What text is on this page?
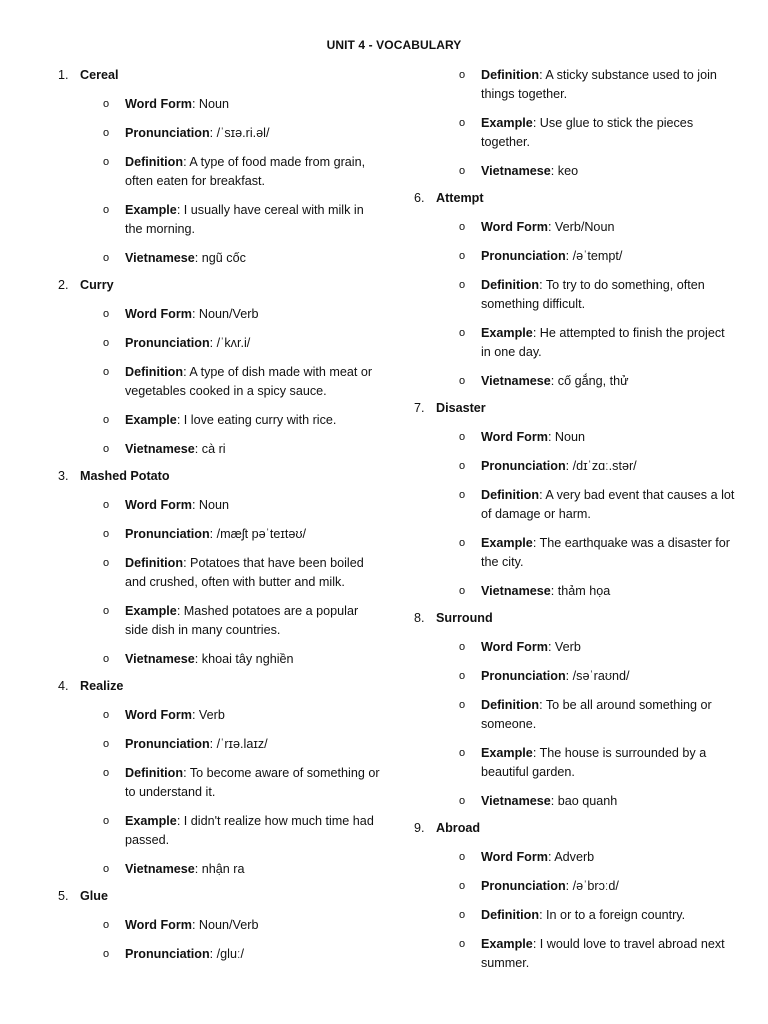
UNIT 4 - VOCABULARY
1. Cereal
o	Word Form: Noun
o	Pronunciation: /ˈsɪə.ri.əl/
o	Definition: A type of food made from grain, often eaten for breakfast.
o	Example: I usually have cereal with milk in the morning.
o	Vietnamese: ngũ cốc
2. Curry
o	Word Form: Noun/Verb
o	Pronunciation: /ˈkʌr.i/
o	Definition: A type of dish made with meat or vegetables cooked in a spicy sauce.
o	Example: I love eating curry with rice.
o	Vietnamese: cà ri
3. Mashed Potato
o	Word Form: Noun
o	Pronunciation: /mæʃt pəˈteɪtəʊ/
o	Definition: Potatoes that have been boiled and crushed, often with butter and milk.
o	Example: Mashed potatoes are a popular side dish in many countries.
o	Vietnamese: khoai tây nghiền
4. Realize
o	Word Form: Verb
o	Pronunciation: /ˈrɪə.laɪz/
o	Definition: To become aware of something or to understand it.
o	Example: I didn't realize how much time had passed.
o	Vietnamese: nhận ra
5. Glue
o	Word Form: Noun/Verb
o	Pronunciation: /gluː/
o	Definition: A sticky substance used to join things together.
o	Example: Use glue to stick the pieces together.
o	Vietnamese: keo
6. Attempt
o	Word Form: Verb/Noun
o	Pronunciation: /əˈtempt/
o	Definition: To try to do something, often something difficult.
o	Example: He attempted to finish the project in one day.
o	Vietnamese: cố gắng, thử
7. Disaster
o	Word Form: Noun
o	Pronunciation: /dɪˈzɑː.stər/
o	Definition: A very bad event that causes a lot of damage or harm.
o	Example: The earthquake was a disaster for the city.
o	Vietnamese: thảm họa
8. Surround
o	Word Form: Verb
o	Pronunciation: /səˈraʊnd/
o	Definition: To be all around something or someone.
o	Example: The house is surrounded by a beautiful garden.
o	Vietnamese: bao quanh
9. Abroad
o	Word Form: Adverb
o	Pronunciation: /əˈbrɔːd/
o	Definition: In or to a foreign country.
o	Example: I would love to travel abroad next summer.
